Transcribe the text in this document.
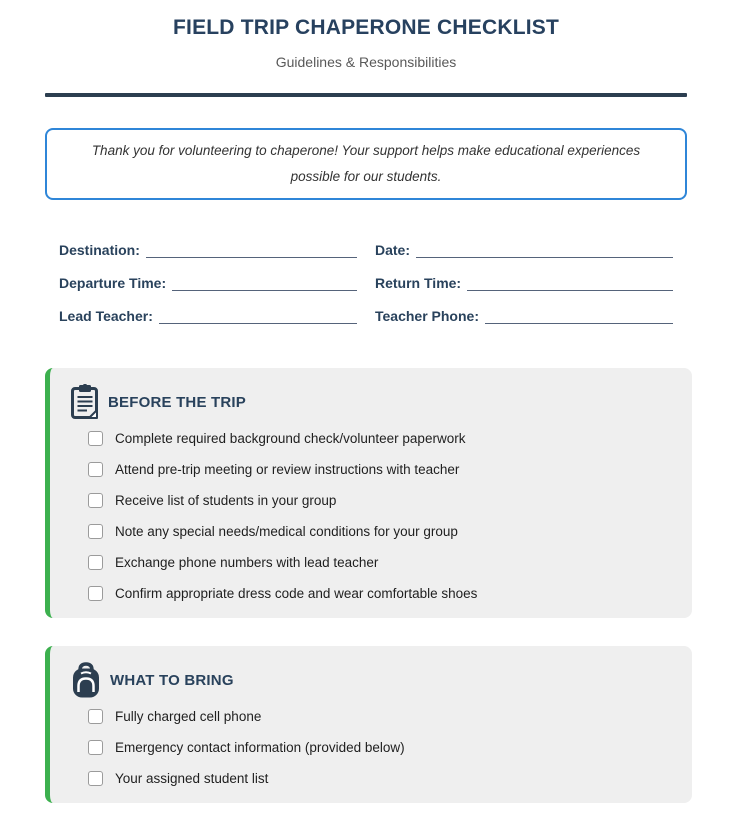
FIELD TRIP CHAPERONE CHECKLIST
Guidelines & Responsibilities
Thank you for volunteering to chaperone! Your support helps make educational experiences possible for our students.
Destination:	Date:
Departure Time:	Return Time:
Lead Teacher:	Teacher Phone:
BEFORE THE TRIP
Complete required background check/volunteer paperwork
Attend pre-trip meeting or review instructions with teacher
Receive list of students in your group
Note any special needs/medical conditions for your group
Exchange phone numbers with lead teacher
Confirm appropriate dress code and wear comfortable shoes
WHAT TO BRING
Fully charged cell phone
Emergency contact information (provided below)
Your assigned student list
